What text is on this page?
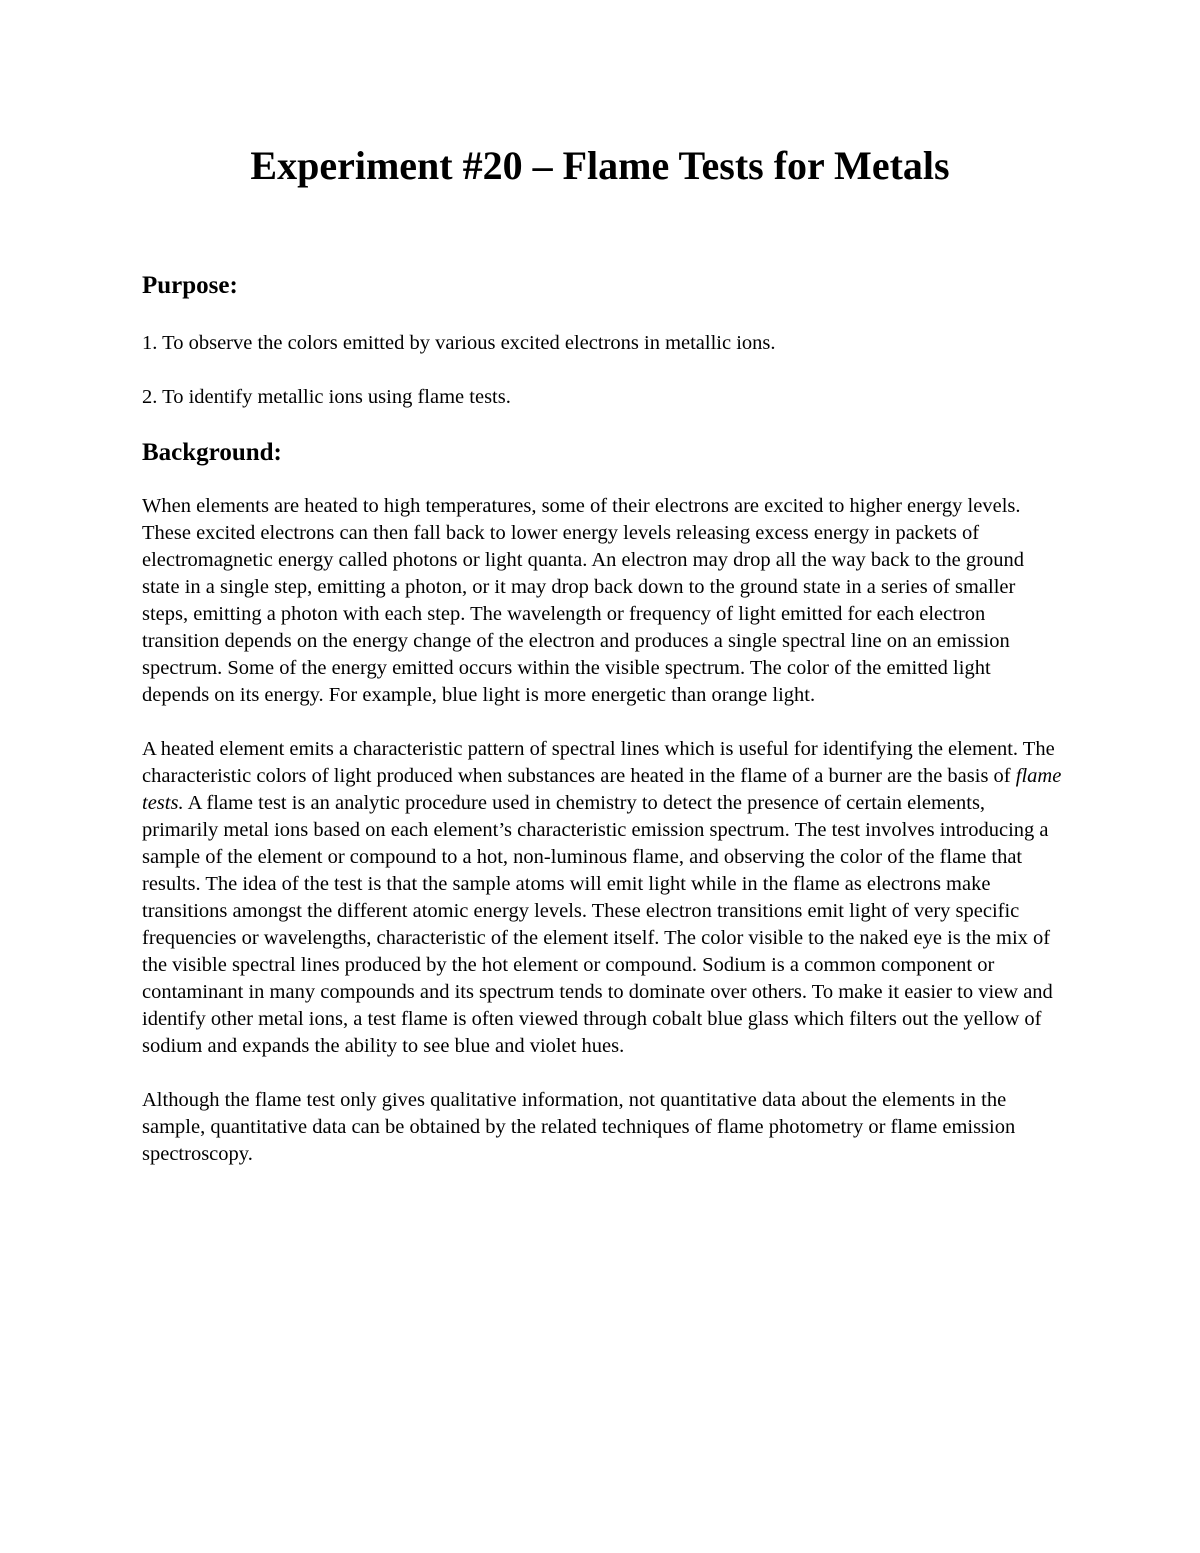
Experiment #20 – Flame Tests for Metals
Purpose:

1. To observe the colors emitted by various excited electrons in metallic ions.

2. To identify metallic ions using flame tests.

Background:

When elements are heated to high temperatures, some of their electrons are excited to higher energy levels. These excited electrons can then fall back to lower energy levels releasing excess energy in packets of electromagnetic energy called photons or light quanta. An electron may drop all the way back to the ground state in a single step, emitting a photon, or it may drop back down to the ground state in a series of smaller steps, emitting a photon with each step. The wavelength or frequency of light emitted for each electron transition depends on the energy change of the electron and produces a single spectral line on an emission spectrum. Some of the energy emitted occurs within the visible spectrum. The color of the emitted light depends on its energy. For example, blue light is more energetic than orange light.

A heated element emits a characteristic pattern of spectral lines which is useful for identifying the element. The characteristic colors of light produced when substances are heated in the flame of a burner are the basis of flame tests. A flame test is an analytic procedure used in chemistry to detect the presence of certain elements, primarily metal ions based on each element’s characteristic emission spectrum. The test involves introducing a sample of the element or compound to a hot, non-luminous flame, and observing the color of the flame that results. The idea of the test is that the sample atoms will emit light while in the flame as electrons make transitions amongst the different atomic energy levels. These electron transitions emit light of very specific frequencies or wavelengths, characteristic of the element itself. The color visible to the naked eye is the mix of the visible spectral lines produced by the hot element or compound. Sodium is a common component or contaminant in many compounds and its spectrum tends to dominate over others. To make it easier to view and identify other metal ions, a test flame is often viewed through cobalt blue glass which filters out the yellow of sodium and expands the ability to see blue and violet hues.

Although the flame test only gives qualitative information, not quantitative data about the elements in the sample, quantitative data can be obtained by the related techniques of flame photometry or flame emission spectroscopy.
